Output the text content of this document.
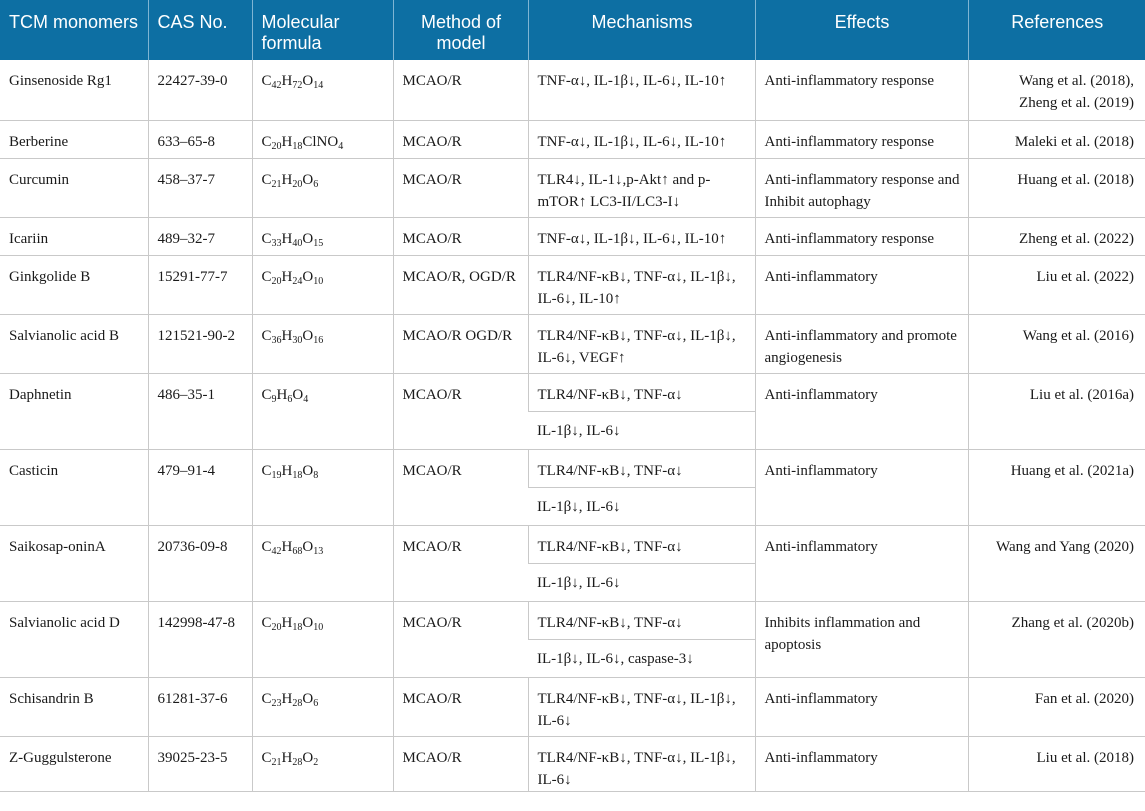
TCM monomers	CAS No.	Molecular formula	Method of model	Mechanisms	Effects	References
Ginsenoside Rg1	22427-39-0	$C_{42}H_{72}O_{14}$	MCAO/R	TNF-α↓, IL-1β↓, IL-6↓, IL-10↑	Anti-inflammatory response	Wang et al. (2018), Zheng et al. (2019)
Berberine	633–65-8	$C_{20}H_{18}ClNO_4$	MCAO/R	TNF-α↓, IL-1β↓, IL-6↓, IL-10↑	Anti-inflammatory response	Maleki et al. (2018)
Curcumin	458–37-7	$C_{21}H_{20}O_6$	MCAO/R	TLR4↓, IL-1↓,p-Akt↑ and p-mTOR↑ LC3-II/LC3-I↓	Anti-inflammatory response and Inhibit autophagy	Huang et al. (2018)
Icariin	489–32-7	$C_{33}H_{40}O_{15}$	MCAO/R	TNF-α↓, IL-1β↓, IL-6↓, IL-10↑	Anti-inflammatory response	Zheng et al. (2022)
Ginkgolide B	15291-77-7	$C_{20}H_{24}O_{10}$	MCAO/R, OGD/R	TLR4/NF-κB↓, TNF-α↓, IL-1β↓, IL-6↓, IL-10↑	Anti-inflammatory	Liu et al. (2022)
Salvianolic acid B	121521-90-2	$C_{36}H_{30}O_{16}$	MCAO/R OGD/R	TLR4/NF-κB↓, TNF-α↓, IL-1β↓, IL-6↓, VEGF↑	Anti-inflammatory and promote angiogenesis	Wang et al. (2016)
Daphnetin	486–35-1	$C_9H_6O_4$	MCAO/R	TLR4/NF-κB↓, TNF-α↓	Anti-inflammatory	Liu et al. (2016a)
				IL-1β↓, IL-6↓		
Casticin	479–91-4	$C_{19}H_{18}O_8$	MCAO/R	TLR4/NF-κB↓, TNF-α↓	Anti-inflammatory	Huang et al. (2021a)
				IL-1β↓, IL-6↓		
Saikosap-oninA	20736-09-8	$C_{42}H_{68}O_{13}$	MCAO/R	TLR4/NF-κB↓, TNF-α↓	Anti-inflammatory	Wang and Yang (2020)
				IL-1β↓, IL-6↓		
Salvianolic acid D	142998-47-8	$C_{20}H_{18}O_{10}$	MCAO/R	TLR4/NF-κB↓, TNF-α↓	Inhibits inflammation and apoptosis	Zhang et al. (2020b)
				IL-1β↓, IL-6↓, caspase-3↓		
Schisandrin B	61281-37-6	$C_{23}H_{28}O_6$	MCAO/R	TLR4/NF-κB↓, TNF-α↓, IL-1β↓, IL-6↓	Anti-inflammatory	Fan et al. (2020)
Z-Guggulsterone	39025-23-5	$C_{21}H_{28}O_2$	MCAO/R	TLR4/NF-κB↓, TNF-α↓, IL-1β↓, IL-6↓	Anti-inflammatory	Liu et al. (2018)
